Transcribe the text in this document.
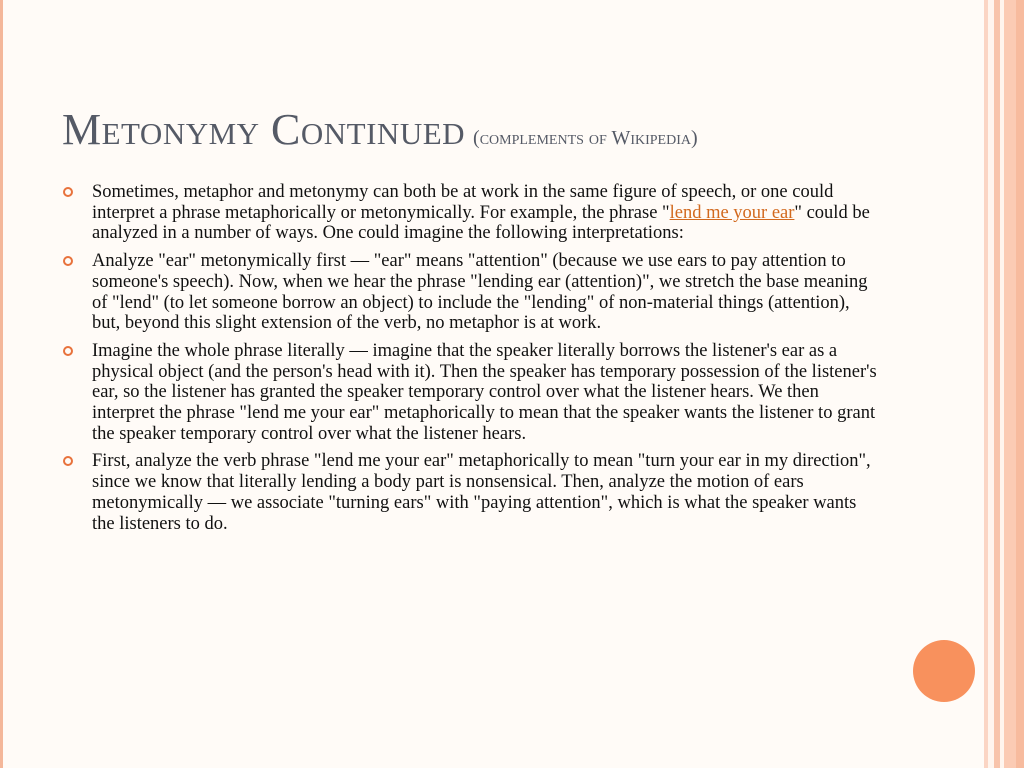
Metonymy Continued (complements of Wikipedia)
Sometimes, metaphor and metonymy can both be at work in the same figure of speech, or one could interpret a phrase metaphorically or metonymically. For example, the phrase "lend me your ear" could be analyzed in a number of ways. One could imagine the following interpretations:
Analyze "ear" metonymically first — "ear" means "attention" (because we use ears to pay attention to someone's speech). Now, when we hear the phrase "lending ear (attention)", we stretch the base meaning of "lend" (to let someone borrow an object) to include the "lending" of non-material things (attention), but, beyond this slight extension of the verb, no metaphor is at work.
Imagine the whole phrase literally — imagine that the speaker literally borrows the listener's ear as a physical object (and the person's head with it). Then the speaker has temporary possession of the listener's ear, so the listener has granted the speaker temporary control over what the listener hears. We then interpret the phrase "lend me your ear" metaphorically to mean that the speaker wants the listener to grant the speaker temporary control over what the listener hears.
First, analyze the verb phrase "lend me your ear" metaphorically to mean "turn your ear in my direction", since we know that literally lending a body part is nonsensical. Then, analyze the motion of ears metonymically — we associate "turning ears" with "paying attention", which is what the speaker wants the listeners to do.
